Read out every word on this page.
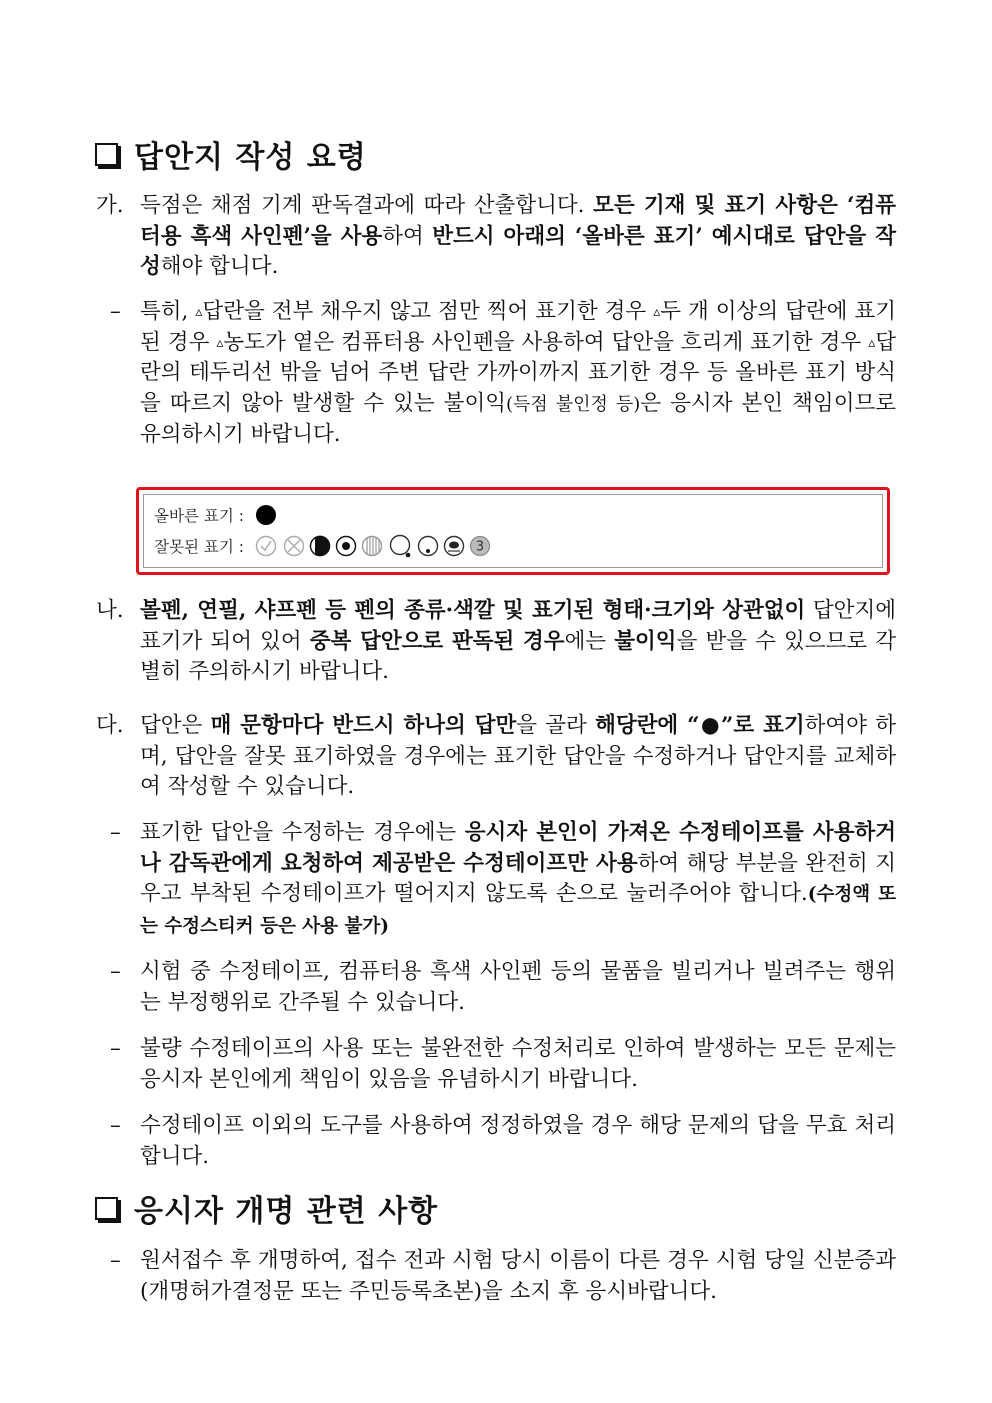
답안지 작성 요령
가. 득점은 채점 기계 판독결과에 따라 산출합니다. 모든 기재 및 표기 사항은 ‘컴퓨터용 흑색 사인펜’을 사용하여 반드시 아래의 ‘올바른 표기’ 예시대로 답안을 작성해야 합니다.
– 특히, ▵답란을 전부 채우지 않고 점만 찍어 표기한 경우 ▵두 개 이상의 답란에 표기된 경우 ▵농도가 옅은 컴퓨터용 사인펜을 사용하여 답안을 흐리게 표기한 경우 ▵답란의 테두리선 밖을 넘어 주변 답란 가까이까지 표기한 경우 등 올바른 표기 방식을 따르지 않아 발생할 수 있는 불이익(득점 불인정 등)은 응시자 본인 책임이므로 유의하시기 바랍니다.
올바른 표기 :
잘못된 표기 :	3
나. 볼펜, 연필, 샤프펜 등 펜의 종류·색깔 및 표기된 형태·크기와 상관없이 답안지에 표기가 되어 있어 중복 답안으로 판독된 경우에는 불이익을 받을 수 있으므로 각별히 주의하시기 바랍니다.
다. 답안은 매 문항마다 반드시 하나의 답만을 골라 해당란에 “●”로 표기하여야 하며, 답안을 잘못 표기하였을 경우에는 표기한 답안을 수정하거나 답안지를 교체하여 작성할 수 있습니다.
– 표기한 답안을 수정하는 경우에는 응시자 본인이 가져온 수정테이프를 사용하거나 감독관에게 요청하여 제공받은 수정테이프만 사용하여 해당 부분을 완전히 지우고 부착된 수정테이프가 떨어지지 않도록 손으로 눌러주어야 합니다.(수정액 또는 수정스티커 등은 사용 불가)
– 시험 중 수정테이프, 컴퓨터용 흑색 사인펜 등의 물품을 빌리거나 빌려주는 행위는 부정행위로 간주될 수 있습니다.
– 불량 수정테이프의 사용 또는 불완전한 수정처리로 인하여 발생하는 모든 문제는 응시자 본인에게 책임이 있음을 유념하시기 바랍니다.
– 수정테이프 이외의 도구를 사용하여 정정하였을 경우 해당 문제의 답을 무효 처리합니다.
응시자 개명 관련 사항
– 원서접수 후 개명하여, 접수 전과 시험 당시 이름이 다른 경우 시험 당일 신분증과 (개명허가결정문 또는 주민등록초본)을 소지 후 응시바랍니다.
